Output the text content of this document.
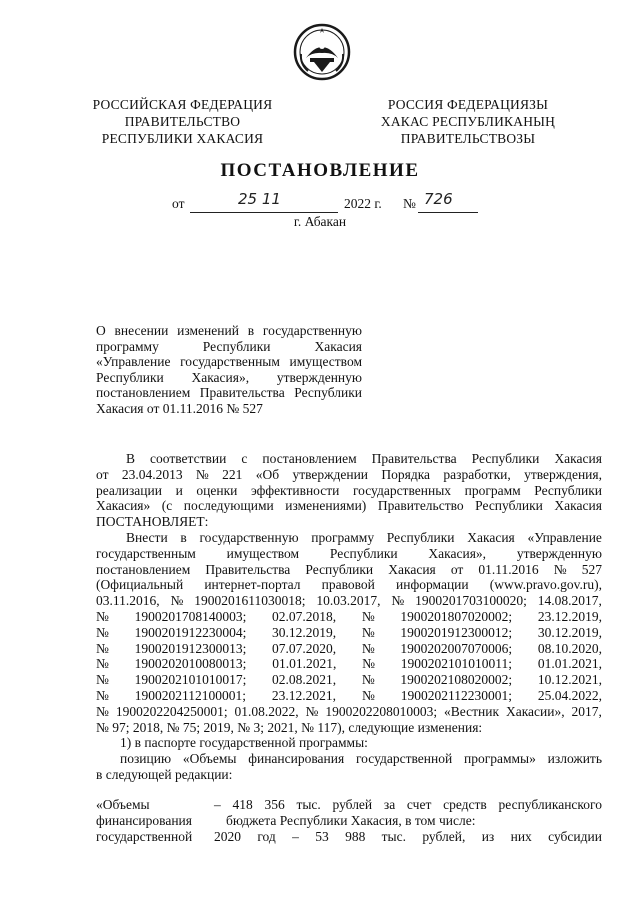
РОССИЙСКАЯ ФЕДЕРАЦИЯ
ПРАВИТЕЛЬСТВО
РЕСПУБЛИКИ ХАКАСИЯ
РОССИЯ ФЕДЕРАЦИЯЗЫ
ХАКАС РЕСПУБЛИКАНЫҢ
ПРАВИТЕЛЬСТВОЗЫ
ПОСТАНОВЛЕНИЕ
от	25 11	2022 г. № 726
г. Абакан
О внесении изменений в государственную
программу Республики Хакасия
«Управление государственным имуществом
Республики Хакасия», утвержденную
постановлением Правительства Республики
Хакасия от 01.11.2016 № 527
В соответствии с постановлением Правительства Республики Хакасия
от 23.04.2013 № 221 «Об утверждении Порядка разработки, утверждения,
реализации и оценки эффективности государственных программ Республики
Хакасия» (с последующими изменениями) Правительство Республики Хакасия
ПОСТАНОВЛЯЕТ:
Внести в государственную программу Республики Хакасия «Управление
государственным имуществом Республики Хакасия», утвержденную
постановлением Правительства Республики Хакасия от 01.11.2016 № 527
(Официальный интернет-портал правовой информации (www.pravo.gov.ru),
03.11.2016, № 1900201611030018; 10.03.2017, № 1900201703100020; 14.08.2017,
№ 1900201708140003; 02.07.2018, № 1900201807020002; 23.12.2019,
№ 1900201912230004; 30.12.2019, № 1900201912300012; 30.12.2019,
№ 1900201912300013; 07.07.2020, № 1900202007070006; 08.10.2020,
№ 1900202010080013; 01.01.2021, № 1900202101010011; 01.01.2021,
№ 1900202101010017; 02.08.2021, № 1900202108020002; 10.12.2021,
№ 1900202112100001; 23.12.2021, № 1900202112230001; 25.04.2022,
№ 1900202204250001; 01.08.2022, № 1900202208010003; «Вестник Хакасии», 2017,
№ 97; 2018, № 75; 2019, № 3; 2021, № 117), следующие изменения:
1) в паспорте государственной программы:
позицию «Объемы финансирования государственной программы» изложить
в следующей редакции:
«Объемы	– 418 356 тыс. рублей за счет средств республиканского
финансирования	бюджета Республики Хакасия, в том числе:
государственной	2020 год – 53 988 тыс. рублей, из них субсидии
